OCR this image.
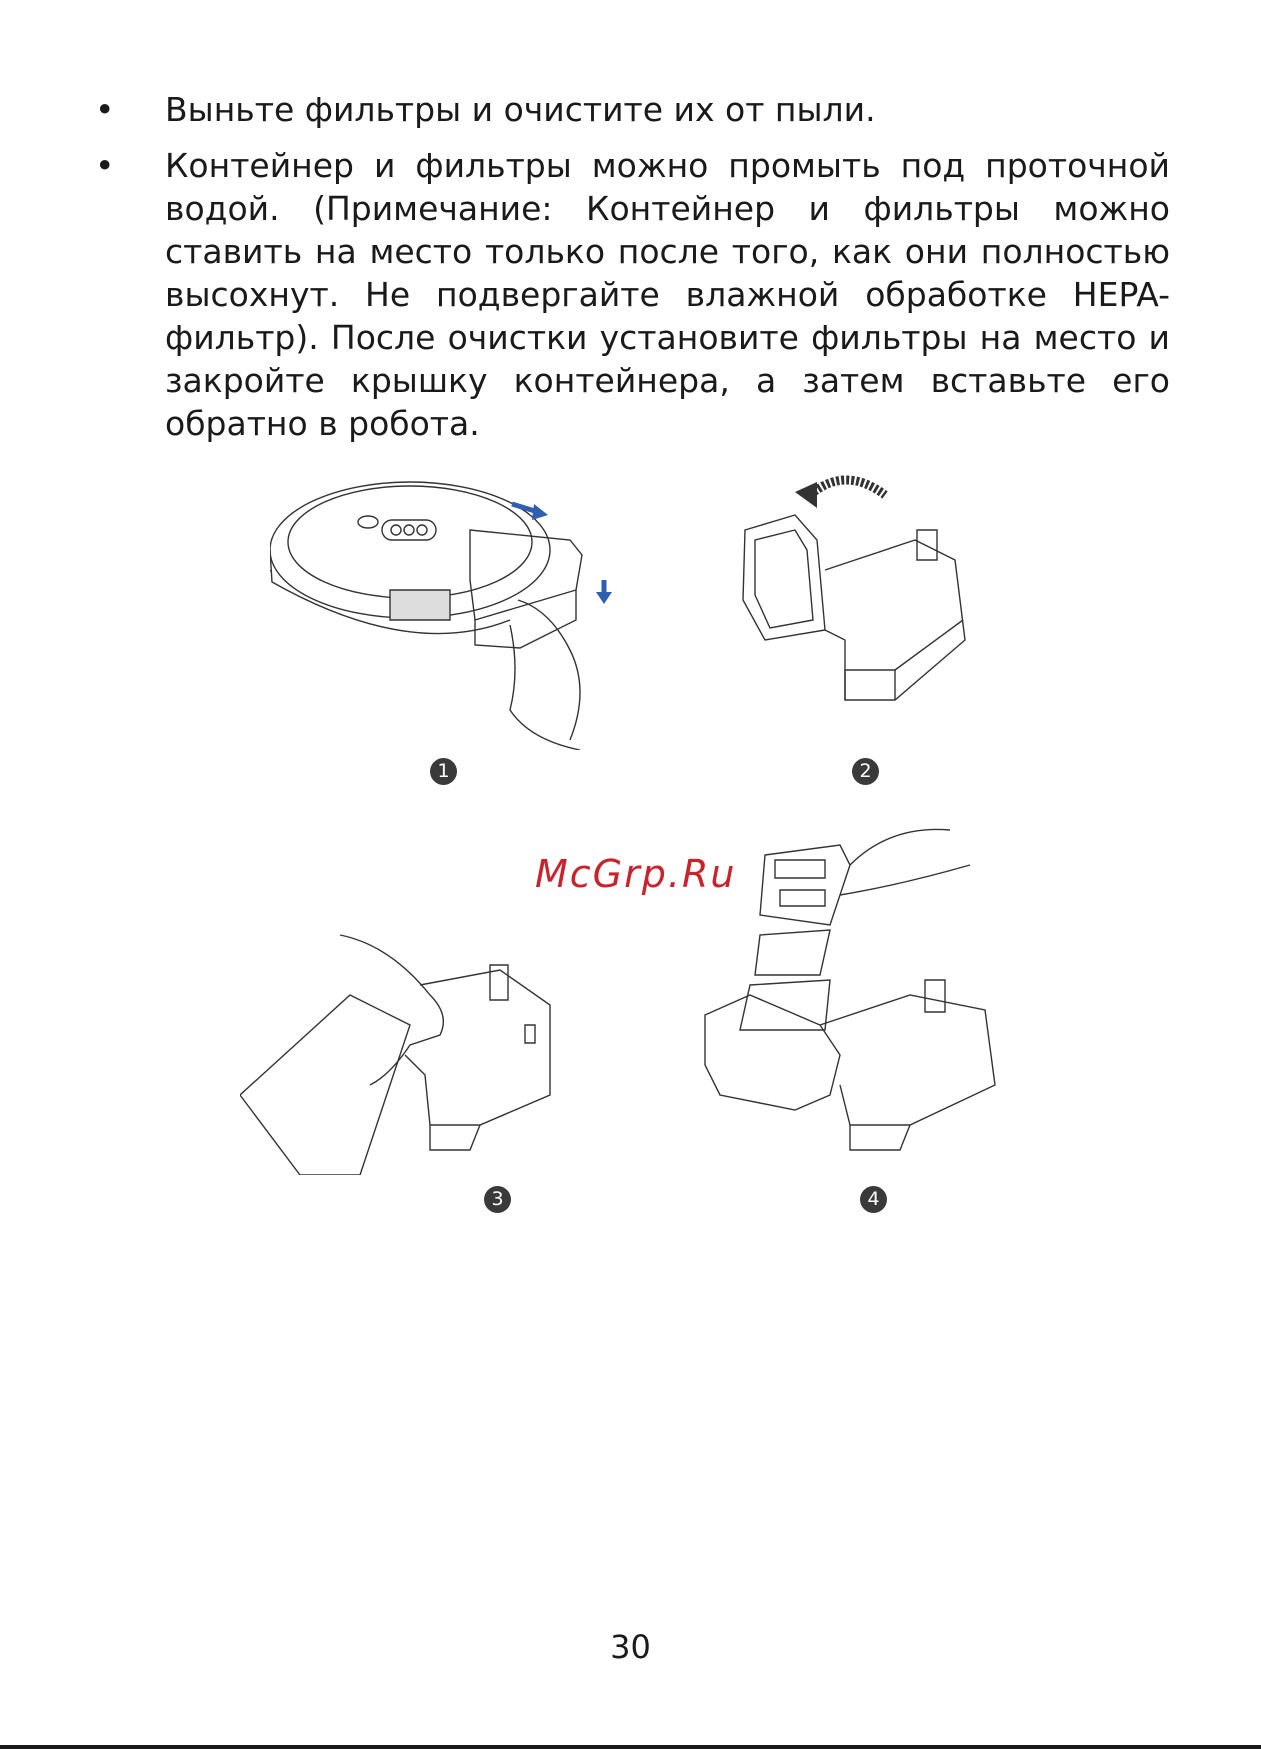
•	Выньте фильтры и очистите их от пыли.
•	Контейнер и фильтры можно промыть под проточной водой. (Примечание: Контейнер и фильтры можно ставить на место только после того, как они полностью высохнут. Не подвергайте влажной обработке HEPA-фильтр). После очистки установите фильтры на место и закройте крышку контейнера, а затем вставьте его обратно в робота.
1	2
McGrp.Ru
3	4
30
